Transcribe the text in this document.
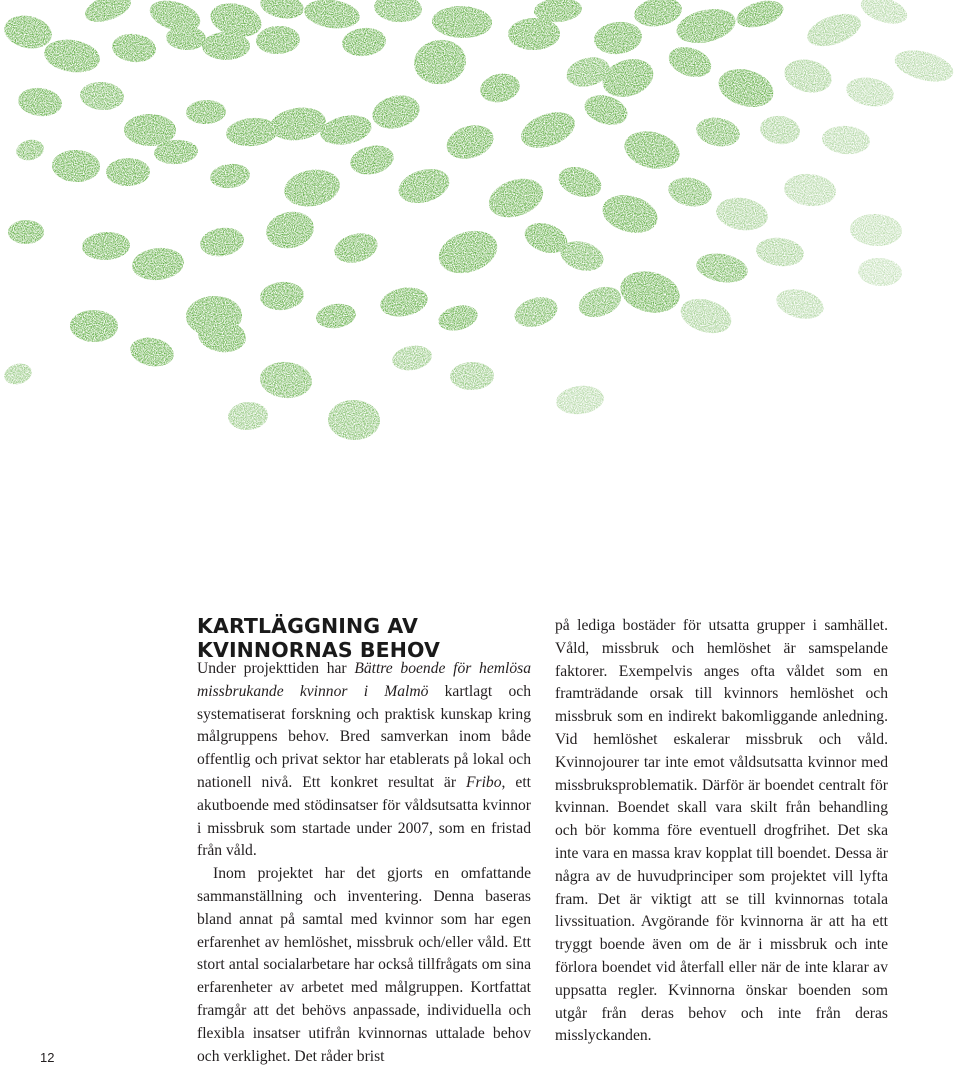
KARTLÄGGNING AV
KVINNORNAS BEHOV

Under projekttiden har Bättre boende för hemlösa missbrukande kvinnor i Malmö kartlagt och systematiserat forskning och praktisk kunskap kring målgruppens behov. Bred samverkan inom både offentlig och privat sektor har etablerats på lokal och nationell nivå. Ett konkret resultat är Fribo, ett akutboende med stödinsatser för våldsutsatta kvinnor i missbruk som startade under 2007, som en fristad från våld.

Inom projektet har det gjorts en omfattande sammanställning och inventering. Denna baseras bland annat på samtal med kvinnor som har egen erfarenhet av hemlöshet, missbruk och/eller våld. Ett stort antal socialarbetare har också tillfrågats om sina erfarenheter av arbetet med målgruppen. Kortfattat framgår att det behövs anpassade, individuella och flexibla insatser utifrån kvinnornas uttalade behov och verklighet. Det råder brist

på lediga bostäder för utsatta grupper i samhället. Våld, missbruk och hemlöshet är samspelande faktorer. Exempelvis anges ofta våldet som en framträdande orsak till kvinnors hemlöshet och missbruk som en indirekt bakomliggande anledning. Vid hemlöshet eskalerar missbruk och våld. Kvinnojourer tar inte emot våldsutsatta kvinnor med missbruksproblematik. Därför är boendet centralt för kvinnan. Boendet skall vara skilt från behandling och bör komma före eventuell drogfrihet. Det ska inte vara en massa krav kopplat till boendet. Dessa är några av de huvudprinciper som projektet vill lyfta fram. Det är viktigt att se till kvinnornas totala livssituation. Avgörande för kvinnorna är att ha ett tryggt boende även om de är i missbruk och inte förlora boendet vid återfall eller när de inte klarar av uppsatta regler. Kvinnorna önskar boenden som utgår från deras behov och inte från deras misslyckanden.

12
